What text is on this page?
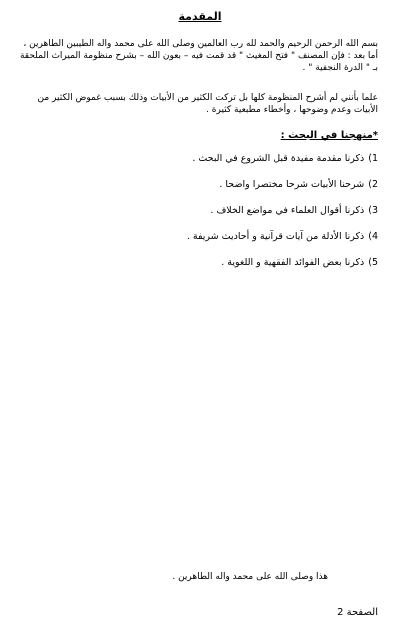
المقدمة

بسم الله الرحمن الرحيم والحمد لله رب العالمين وصلى الله على محمد واله الطيبين الطاهرين ، أما بعد : فإن المصنف " فتح المغيث " قد قمت فيه – بعون الله – بشرح منظومة الميراث الملحقة بـ " الدرة النجفية " .

علما بأنني لم أشرح المنظومة كلها بل تركت الكثير من الأبيات وذلك بسبب غموض الكثير من الأبيات وعدم وضوحها ، وأخطاء مطبعية كثيرة .

*منهجنا في البحث :
1)ذكرنا مقدمة مفيدة قبل الشروع في البحث .
2)شرحنا الأبيات شرحا مختصرا واضحا .
3)ذكرنا أقوال العلماء في مواضع الخلاف .
4)ذكرنا الأدلة من آيات قرآنية و أحاديث شريفة .
5)ذكرنا بعض الفوائد الفقهية و اللغوية .
هذا وصلى الله على محمد واله الطاهرين .
الصفحة 2
